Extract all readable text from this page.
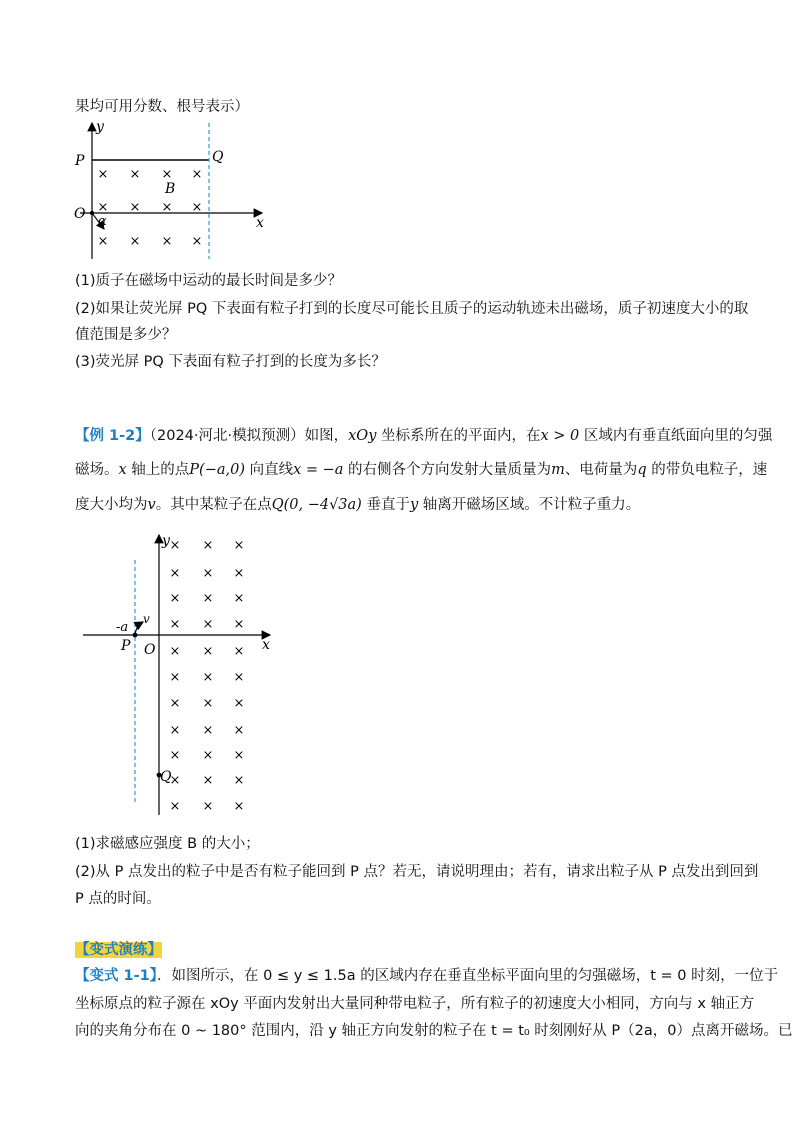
果均可用分数、根号表示）
× × × ×
× × × ×
× × × ×
y
x
P	Q
B
O α
(1)质子在磁场中运动的最长时间是多少？
(2)如果让荧光屏 PQ 下表面有粒子打到的长度尽可能长且质子的运动轨迹未出磁场，质子初速度大小的取
值范围是多少？
(3)荧光屏 PQ 下表面有粒子打到的长度为多长？
【例 1-2】（2024·河北·模拟预测）如图，xOy 坐标系所在的平面内，在x > 0 区域内有垂直纸面向里的匀强
磁场。x 轴上的点P(−a,0) 向直线x = −a 的右侧各个方向发射大量质量为m、电荷量为q 的带负电粒子，速
度大小均为v。其中某粒子在点Q(0, −4√3a) 垂直于y 轴离开磁场区域。不计粒子重力。
× × ×
× × ×
× × ×
× × ×
× × ×
× × ×
× × ×
× × ×
× × ×
× × ×
× × ×
y
x
O
P
-a
v
Q
(1)求磁感应强度 B 的大小；
(2)从 P 点发出的粒子中是否有粒子能回到 P 点？若无，请说明理由；若有，请求出粒子从 P 点发出到回到
P 点的时间。
【变式演练】
【变式 1-1】．如图所示，在 0 ≤ y ≤ 1.5a 的区域内存在垂直坐标平面向里的匀强磁场，t = 0 时刻，一位于
坐标原点的粒子源在 xOy 平面内发射出大量同种带电粒子，所有粒子的初速度大小相同，方向与 x 轴正方
向的夹角分布在 0 ~ 180° 范围内，沿 y 轴正方向发射的粒子在 t = t₀ 时刻刚好从 P（2a，0）点离开磁场。已
